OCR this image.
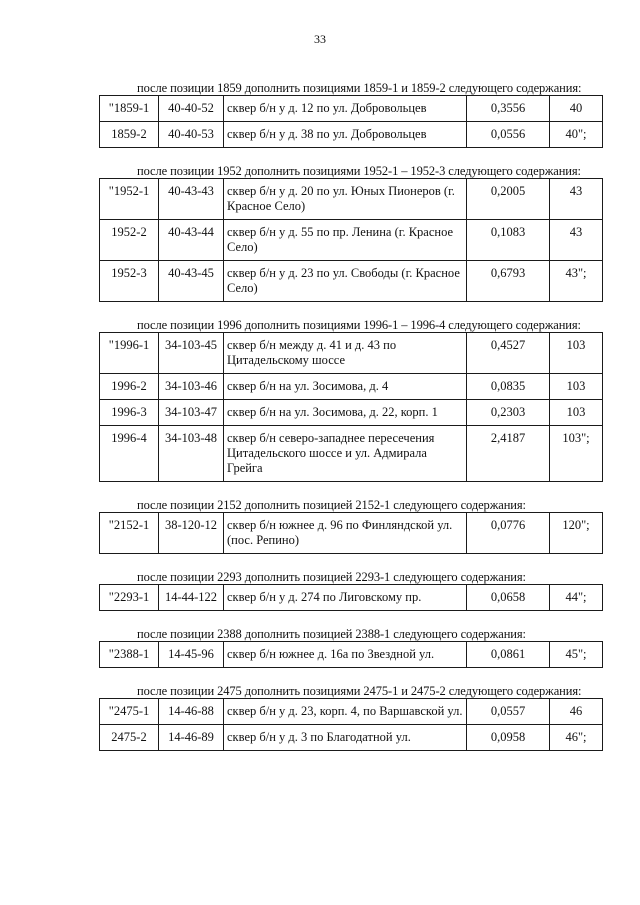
33
после позиции 1859 дополнить позициями 1859-1 и 1859-2 следующего содержания:
"1859-1	40-40-52	сквер б/н у д. 12 по ул. Добровольцев	0,3556	40
1859-2	40-40-53	сквер б/н у д. 38 по ул. Добровольцев	0,0556	40";
после позиции 1952 дополнить позициями 1952-1 – 1952-3 следующего содержания:
"1952-1	40-43-43	сквер б/н у д. 20 по ул. Юных Пионеров (г. Красное Село)	0,2005	43
1952-2	40-43-44	сквер б/н у д. 55 по пр. Ленина (г. Красное Село)	0,1083	43
1952-3	40-43-45	сквер б/н у д. 23 по ул. Свободы (г. Красное Село)	0,6793	43";
после позиции 1996 дополнить позициями 1996-1 – 1996-4 следующего содержания:
"1996-1	34-103-45	сквер б/н между д. 41 и д. 43 по Цитадельскому шоссе	0,4527	103
1996-2	34-103-46	сквер б/н на ул. Зосимова, д. 4	0,0835	103
1996-3	34-103-47	сквер б/н на ул. Зосимова, д. 22, корп. 1	0,2303	103
1996-4	34-103-48	сквер б/н северо-западнее пересечения Цитадельского шоссе и ул. Адмирала Грейга	2,4187	103";
после позиции 2152 дополнить позицией 2152-1 следующего содержания:
"2152-1	38-120-12	сквер б/н южнее д. 96 по Финляндской ул. (пос. Репино)	0,0776	120";
после позиции 2293 дополнить позицией 2293-1 следующего содержания:
"2293-1	14-44-122	сквер б/н у д. 274 по Лиговскому пр.	0,0658	44";
после позиции 2388 дополнить позицией 2388-1 следующего содержания:
"2388-1	14-45-96	сквер б/н южнее д. 16а по Звездной ул.	0,0861	45";
после позиции 2475 дополнить позициями 2475-1 и 2475-2 следующего содержания:
"2475-1	14-46-88	сквер б/н у д. 23, корп. 4, по Варшавской ул.	0,0557	46
2475-2	14-46-89	сквер б/н у д. 3 по Благодатной ул.	0,0958	46";
